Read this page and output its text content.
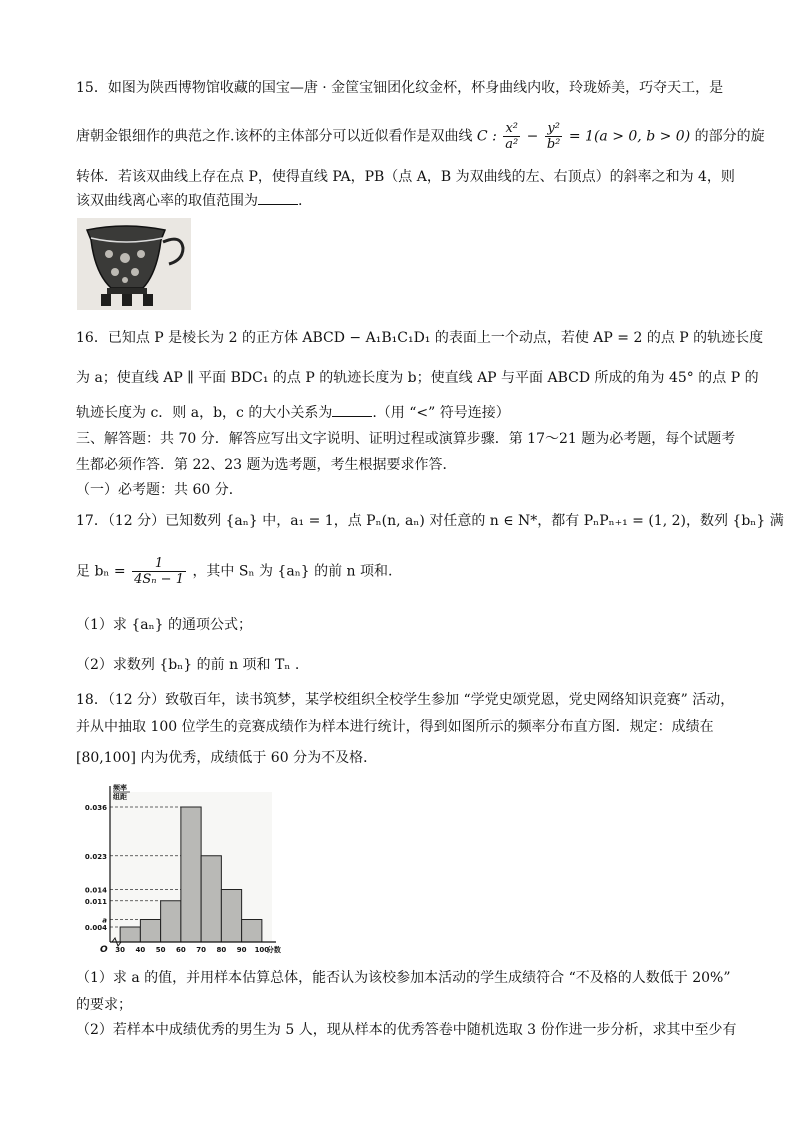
15．如图为陕西博物馆收藏的国宝—唐 · 金筐宝钿团化纹金杯，杯身曲线内收，玲珑娇美，巧夺天工，是
唐朝金银细作的典范之作.该杯的主体部分可以近似看作是双曲线 C : $\frac{\text{x²}}{\text{a²}} - \frac{\text{y²}}{\text{b²}} = 1(a > 0$, b > 0) 的部分的旋
转体．若该双曲线上存在点 P，使得直线 PA，PB（点 A，B 为双曲线的左、右顶点）的斜率之和为 4，则
该双曲线离心率的取值范围为	.
16．已知点 P 是棱长为 2 的正方体 ABCD − A₁B₁C₁D₁ 的表面上一个动点，若使 AP = 2 的点 P 的轨迹长度
为 a；使直线 AP ∥ 平面 BDC₁ 的点 P 的轨迹长度为 b；使直线 AP 与平面 ABCD 所成的角为 45° 的点 P 的
轨迹长度为 c．则 a，b，c 的大小关系为	.（用 “<” 符号连接）
三、解答题：共 70 分．解答应写出文字说明、证明过程或演算步骤．第 17～21 题为必考题，每个试题考
生都必须作答．第 22、23 题为选考题，考生根据要求作答．
（一）必考题：共 60 分．
17．（12 分）已知数列 {aₙ} 中，a₁ = 1，点 Pₙ(n, aₙ) 对任意的 n ∈ N*，都有 PₙPₙ₊₁ = (1, 2)，数列 {bₙ} 满
足 $b_n = \frac{1}{\text{4Sₙ − 1}}$ ，其中 Sₙ 为 {aₙ} 的前 n 项和.
（1）求 {aₙ} 的通项公式；
（2）求数列 {bₙ} 的前 n 项和 Tₙ .
18．（12 分）致敬百年，读书筑梦，某学校组织全校学生参加 “学党史颂党恩，党史网络知识竞赛” 活动，
并从中抽取 100 位学生的竞赛成绩作为样本进行统计，得到如图所示的频率分布直方图．规定：成绩在
[80,100] 内为优秀，成绩低于 60 分为不及格．
0.036
0.023
0.014
0.011
a
0.004
30 40 50 60 70 80 90 100
分数
O
频率
组距
（1）求 a 的值，并用样本估算总体，能否认为该校参加本活动的学生成绩符合 “不及格的人数低于 20%”
的要求；
（2）若样本中成绩优秀的男生为 5 人，现从样本的优秀答卷中随机选取 3 份作进一步分析，求其中至少有
